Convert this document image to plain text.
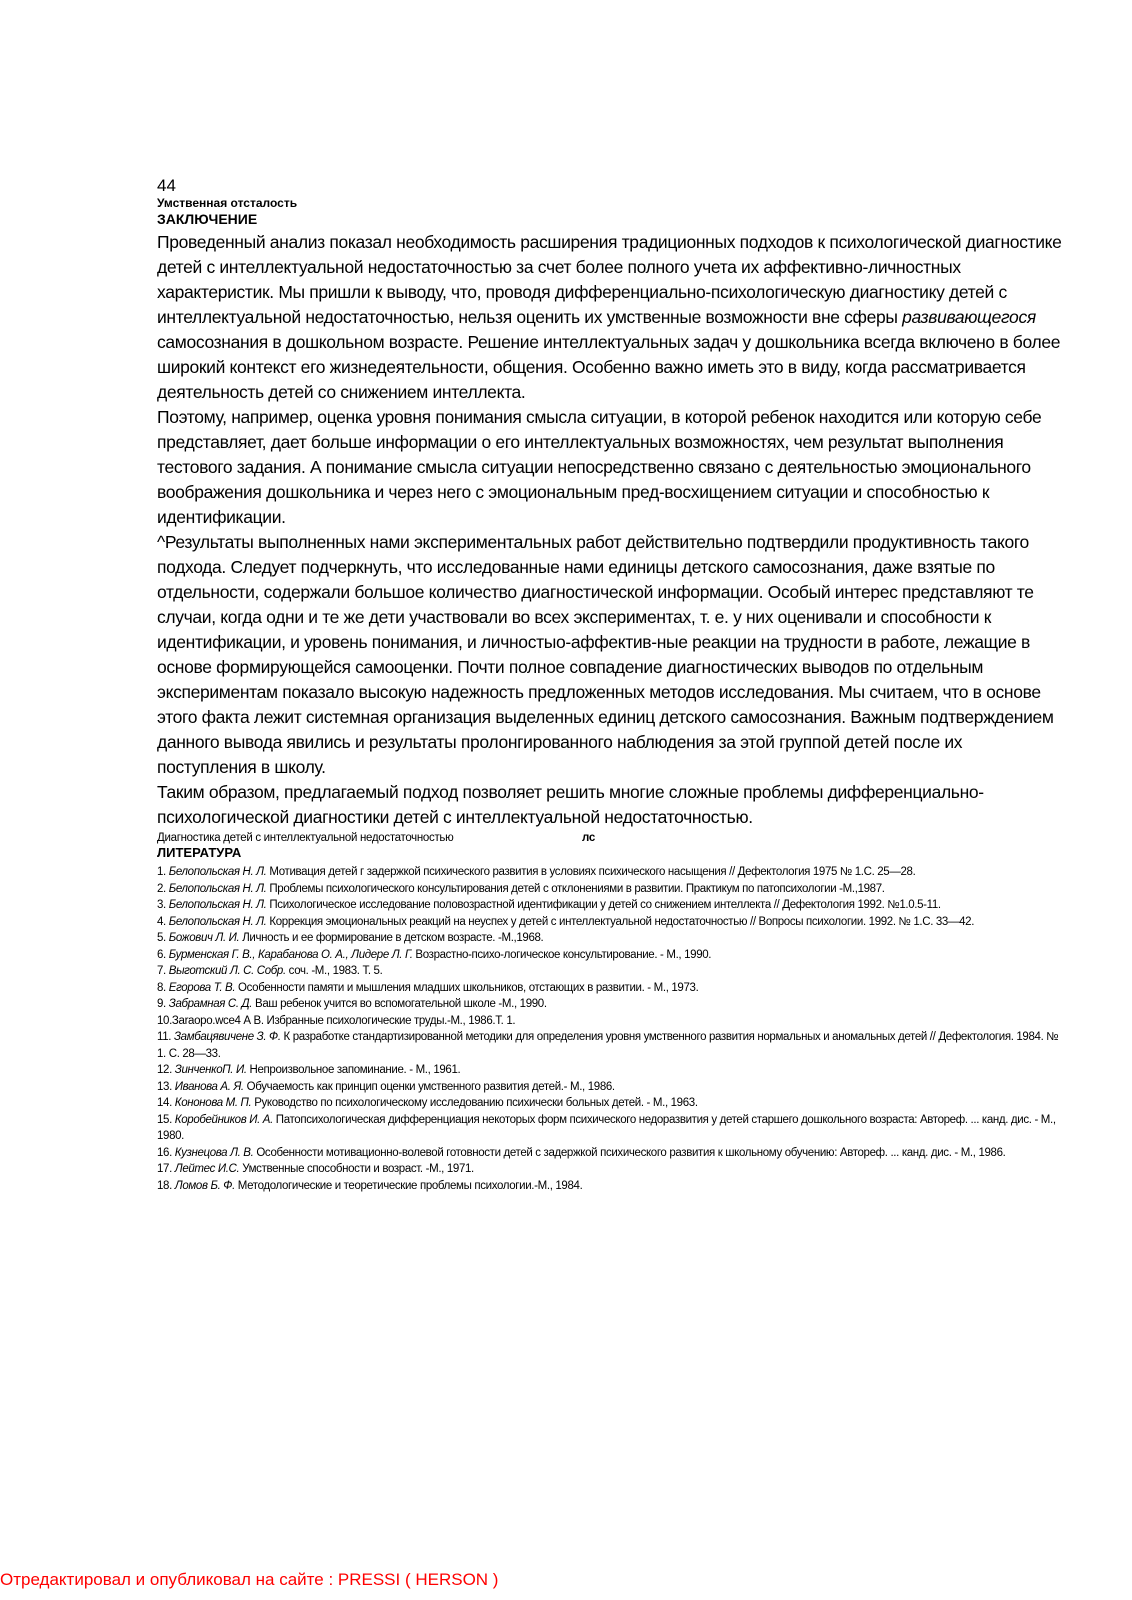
44
Умственная отсталость
ЗАКЛЮЧЕНИЕ

Проведенный анализ показал необходимость расширения традиционных подходов к психологической диагностике детей с интеллектуальной недостаточностью за счет более полного учета их аффективно-личностных характеристик. Мы пришли к выводу, что, проводя дифференциально-психологическую диагностику детей с интеллектуальной недостаточностью, нельзя оценить их умственные возможности вне сферы развивающегося самосознания в дошкольном возрасте. Решение интеллектуальных задач у дошкольника всегда включено в более широкий контекст его жизнедеятельности, общения. Особенно важно иметь это в виду, когда рассматривается деятельность детей со снижением интеллекта.

Поэтому, например, оценка уровня понимания смысла ситуации, в которой ребенок находится или которую себе представляет, дает больше информации о его интеллектуальных возможностях, чем результат выполнения тестового задания. А понимание смысла ситуации непосредственно связано с деятельностью эмоционального воображения дошкольника и через него с эмоциональным пред-восхищением ситуации и способностью к идентификации.

^Результаты выполненных нами экспериментальных работ действительно подтвердили продуктивность такого подхода. Следует подчеркнуть, что исследованные нами единицы детского самосознания, даже взятые по отдельности, содержали большое количество диагностической информации. Особый интерес представляют те случаи, когда одни и те же дети участвовали во всех экспериментах, т. е. у них оценивали и способности к идентификации, и уровень понимания, и личностыо-аффектив-ные реакции на трудности в работе, лежащие в основе формирующейся самооценки. Почти полное совпадение диагностических выводов по отдельным экспериментам показало высокую надежность предложенных методов исследования. Мы считаем, что в основе этого факта лежит системная организация выделенных единиц детского самосознания. Важным подтверждением данного вывода явились и результаты пролонгированного наблюдения за этой группой детей после их поступления в школу.

Таким образом, предлагаемый подход позволяет решить многие сложные проблемы дифференциально-психологической диагностики детей с интеллектуальной недостаточностью.

Диагностика детей с интеллектуальной недостаточностью	лс
ЛИТЕРАТУРА
1. Белопольская Н. Л. Мотивация детей г задержкой психического развития в условиях психического насыщения // Дефектология 1975 № 1.С. 25—28.
2. Белопольская Н. Л. Проблемы психологического консультирования детей с отклонениями в развитии. Практикум по патопсихологии -М.,1987.
3. Белопольская Н. Л. Психологическое исследование половозрастной идентификации у детей со снижением интеллекта // Дефектология 1992. №1.0.5-11.
4. Белопольская Н. Л. Коррекция эмоциональных реакций на неуспех у детей с интеллектуальной недостаточностью // Вопросы психологии. 1992. № 1.С. 33—42.
5. Божович Л. И. Личность и ее формирование в детском возрасте. -М.,1968.
6. Бурменская Г. В., Карабанова О. А., Лидере Л. Г. Возрастно-психо-логическое консультирование. - М., 1990.
7. Выготский Л. С. Собр. соч. -М., 1983. Т. 5.
8. Егорова Т. В. Особенности памяти и мышления младших школьников, отстающих в развитии. - М., 1973.
9. Забрамная С. Д. Ваш ребенок учится во вспомогательной школе -М., 1990.
10.Зaraopo.wce4 А В. Избранные психологические труды.-М., 1986.Т. 1.
11. Замбацявичене З. Ф. К разработке стандартизированной методики для определения уровня умственного развития нормальных и аномальных детей // Дефектология. 1984. № 1. С. 28—33.
12. ЗинченкоП. И. Непроизвольное запоминание. - М., 1961.
13. Иванова А. Я. Обучаемость как принцип оценки умственного развития детей.- М., 1986.
14. Кононова М. П. Руководство по психологическому исследованию психически больных детей. - М., 1963.
15. Коробейников И. А. Патопсихологическая дифференциация некоторых форм психического недоразвития у детей старшего дошкольного возраста: Автореф. ... канд. дис. - М., 1980.
16. Кузнецова Л. В. Особенности мотивационно-волевой готовности детей с задержкой психического развития к школьному обучению: Автореф. ... канд. дис. - М., 1986.
17. Лейтес И.С. Умственные способности и возраст. -М., 1971.
18. Ломов Б. Ф. Методологические и теоретические проблемы психологии.-М., 1984.
Отредактировал и опубликовал на сайте : PRESSI ( HERSON )
